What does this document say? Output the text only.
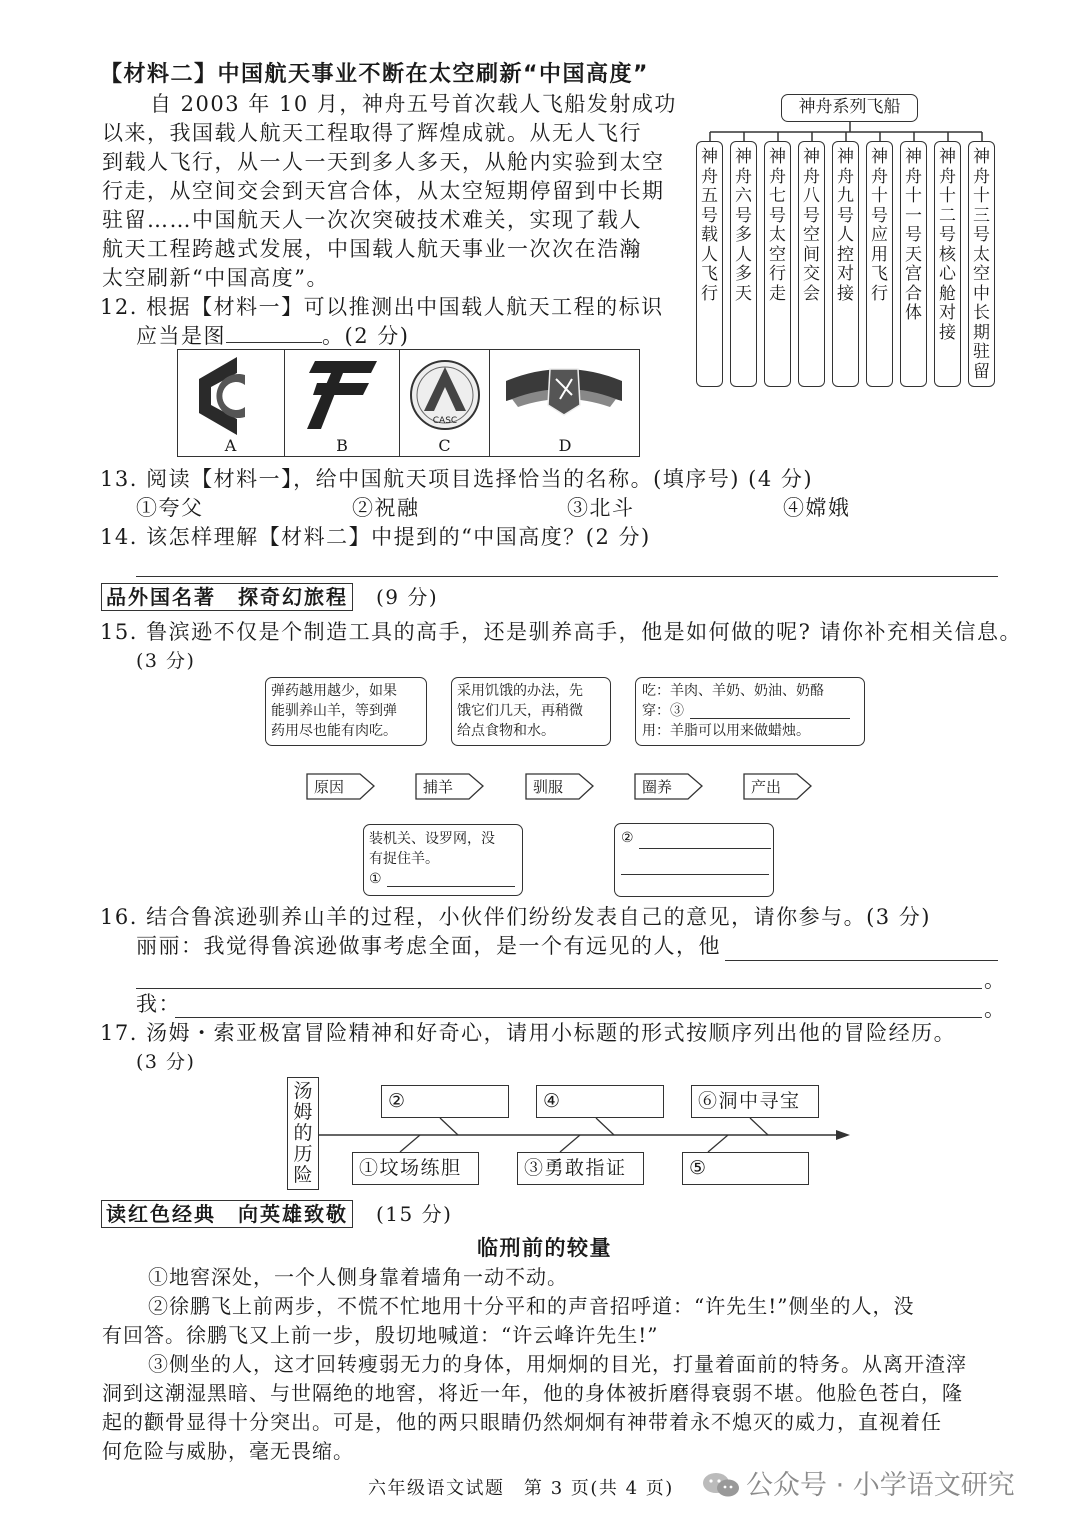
【材料二】中国航天事业不断在太空刷新“中国高度”
自 2003 年 10 月，神舟五号首次载人飞船发射成功
以来，我国载人航天工程取得了辉煌成就。从无人飞行
到载人飞行，从一人一天到多人多天，从舱内实验到太空
行走，从空间交会到天宫合体，从太空短期停留到中长期
驻留……中国航天人一次次突破技术难关，实现了载人
航天工程跨越式发展，中国载人航天事业一次次在浩瀚
太空刷新“中国高度”。
神舟系列飞船
神舟五号
载人飞行
神舟六号
多人多天
神舟七号
太空行走
神舟八号
空间交会
神舟九号
人控对接
神舟十号
应用飞行
神舟十一号
天宫合体
神舟十二号
核心舱对接
神舟十三号
太空中长期驻留
12. 根据【材料一】可以推测出中国载人航天工程的标识
应当是图	。(2 分)
A	B
CASC
C	D
13. 阅读【材料一】，给中国航天项目选择恰当的名称。(填序号) (4 分)
①夸父	②祝融	③北斗	④嫦娥
14. 该怎样理解【材料二】中提到的“中国高度？(2 分)
品外国名著　探奇幻旅程 (9 分)
15. 鲁滨逊不仅是个制造工具的高手，还是驯养高手，他是如何做的呢? 请你补充相关信息。
(3 分)
弹药越用越少，如果
能驯养山羊，等到弹
药用尽也能有肉吃。
采用饥饿的办法，先
饿它们几天，再稍微
给点食物和水。
吃：羊肉、羊奶、奶油、奶酪
穿：③
用：羊脂可以用来做蜡烛。
原因	捕羊	驯服	圈养	产出
装机关、设罗网，没
有捉住羊。
①
②
16. 结合鲁滨逊驯养山羊的过程，小伙伴们纷纷发表自己的意见，请你参与。(3 分)
丽丽：我觉得鲁滨逊做事考虑全面，是一个有远见的人，他
。
我：	。
17. 汤姆・索亚极富冒险精神和好奇心，请用小标题的形式按顺序列出他的冒险经历。
(3 分)
汤姆的历险
②	④	⑥洞中寻宝
①坟场练胆	③勇敢指证	⑤
读红色经典　向英雄致敬 (15 分)
临刑前的较量
①地窖深处，一个人侧身靠着墙角一动不动。
②徐鹏飞上前两步，不慌不忙地用十分平和的声音招呼道：“许先生!”侧坐的人，没
有回答。徐鹏飞又上前一步，殷切地喊道：“许云峰许先生!”
③侧坐的人，这才回转瘦弱无力的身体，用炯炯的目光，打量着面前的特务。从离开渣滓
洞到这潮湿黑暗、与世隔绝的地窖，将近一年，他的身体被折磨得衰弱不堪。他脸色苍白，隆
起的颧骨显得十分突出。可是，他的两只眼睛仍然炯炯有神带着永不熄灭的威力，直视着任
何危险与威胁，毫无畏缩。
六年级语文试题　第 3 页(共 4 页)	公众号 · 小学语文研究
